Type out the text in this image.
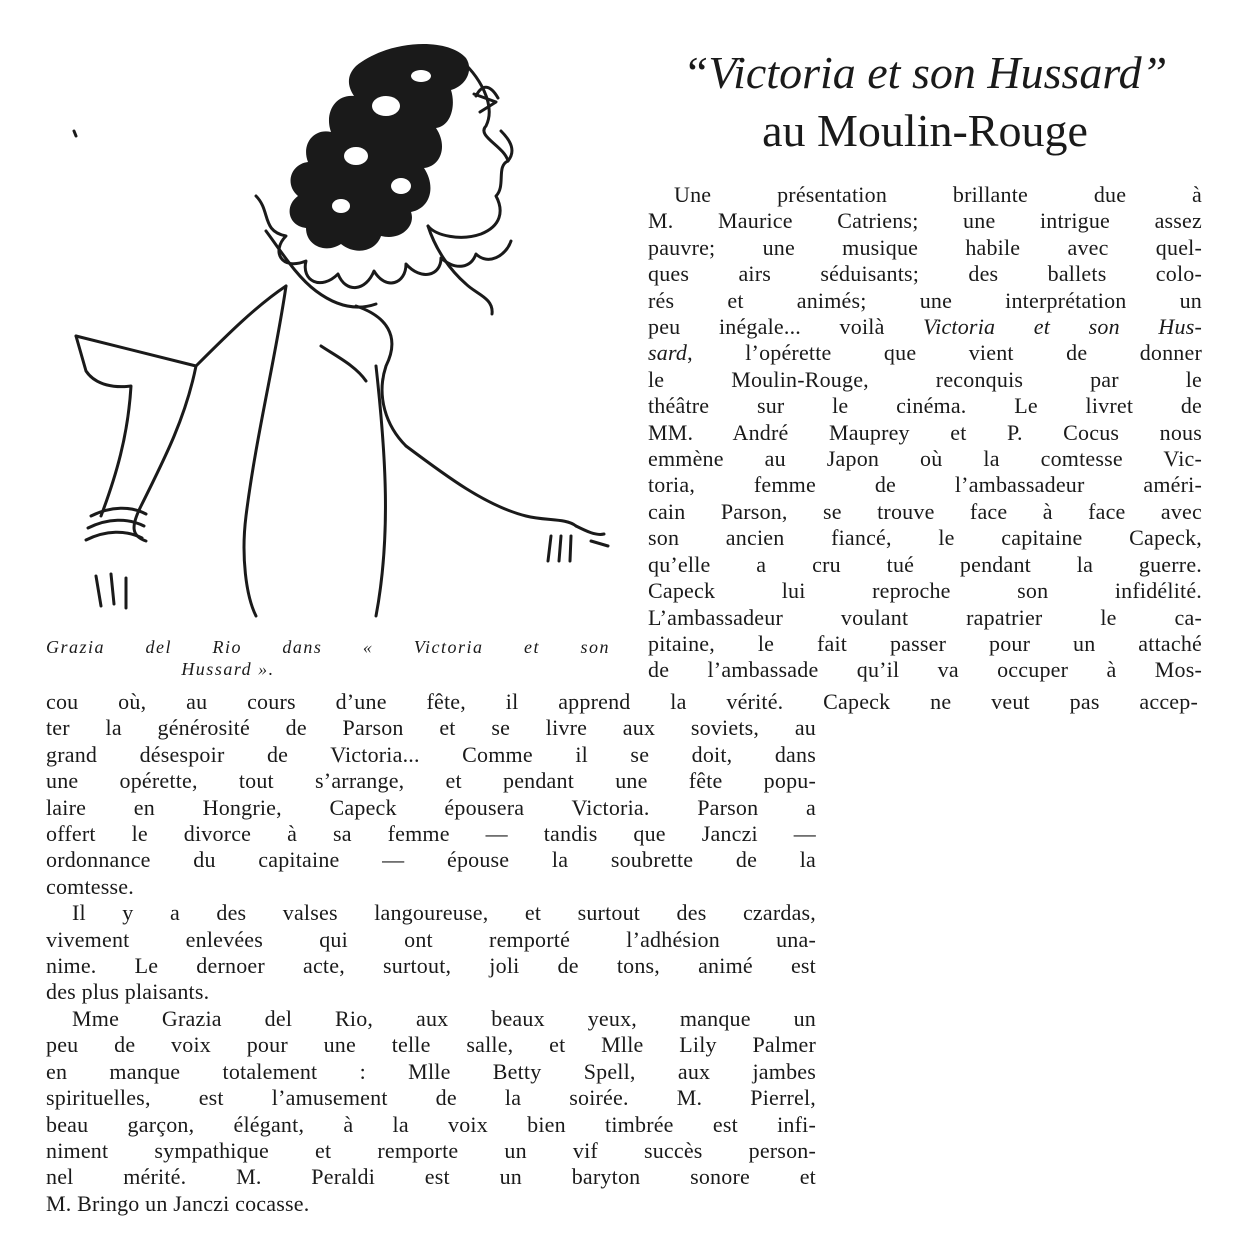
“Victoria et son Hussard”
au Moulin-Rouge
Grazia del Rio dans « Victoria et son
Hussard ».
Une présentation brillante due à
M. Maurice Catriens; une intrigue assez
pauvre; une musique habile avec quel-
ques airs séduisants; des ballets colo-
rés et animés; une interprétation un
peu inégale... voilà Victoria et son Hus-
sard, l’opérette que vient de donner
le Moulin-Rouge, reconquis par le
théâtre sur le cinéma. Le livret de
MM. André Mauprey et P. Cocus nous
emmène au Japon où la comtesse Vic-
toria, femme de l’ambassadeur améri-
cain Parson, se trouve face à face avec
son ancien fiancé, le capitaine Capeck,
qu’elle a cru tué pendant la guerre.
Capeck lui reproche son infidélité.
L’ambassadeur voulant rapatrier le ca-
pitaine, le fait passer pour un attaché
de l’ambassade qu’il va occuper à Mos-
cou où, au cours d’une fête, il apprend la vérité. Capeck ne veut pas accep-
ter la générosité de Parson et se livre aux soviets, au
grand désespoir de Victoria... Comme il se doit, dans
une opérette, tout s’arrange, et pendant une fête popu-
laire en Hongrie, Capeck épousera Victoria. Parson a
offert le divorce à sa femme — tandis que Janczi —
ordonnance du capitaine — épouse la soubrette de la
comtesse.
Il y a des valses langoureuse, et surtout des czardas,
vivement enlevées qui ont remporté l’adhésion una-
nime. Le dernoer acte, surtout, joli de tons, animé est
des plus plaisants.
Mme Grazia del Rio, aux beaux yeux, manque un
peu de voix pour une telle salle, et Mlle Lily Palmer
en manque totalement : Mlle Betty Spell, aux jambes
spirituelles, est l’amusement de la soirée. M. Pierrel,
beau garçon, élégant, à la voix bien timbrée est infi-
niment sympathique et remporte un vif succès person-
nel mérité. M. Peraldi est un baryton sonore et
M. Bringo un Janczi cocasse.
